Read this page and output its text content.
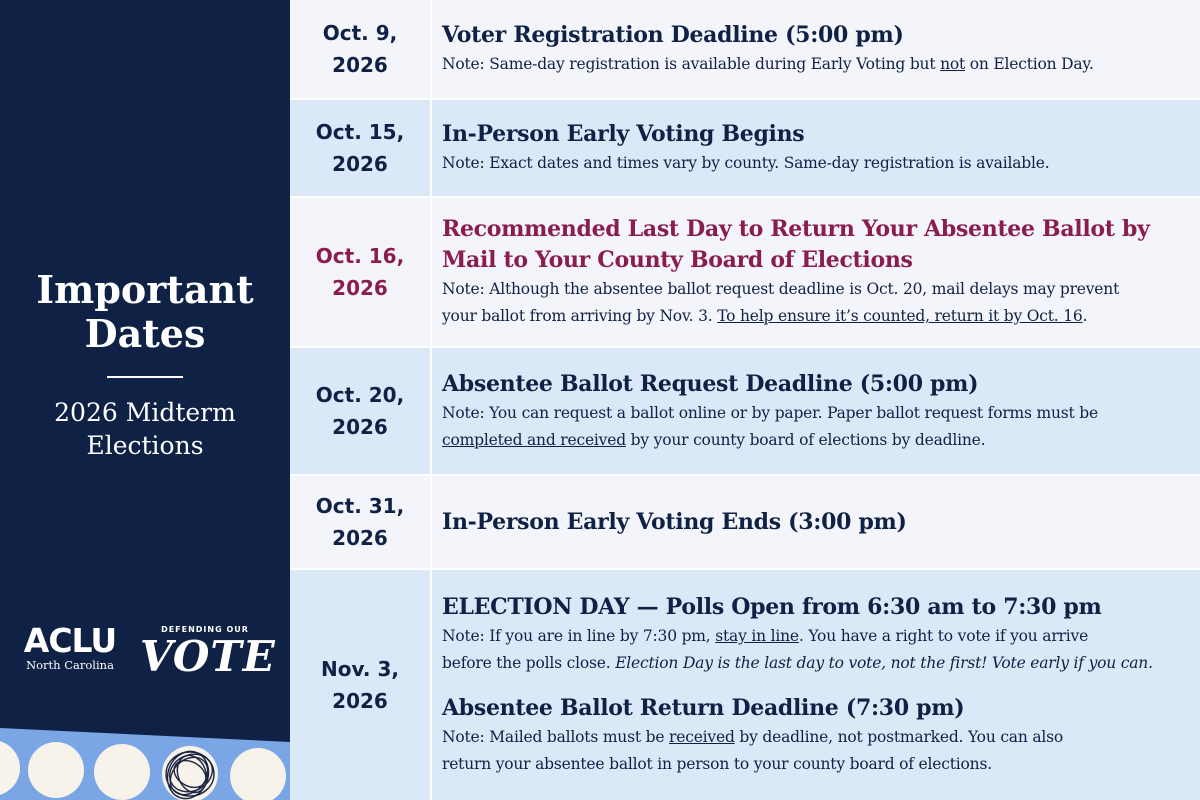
Important
Dates
2026 Midterm
Elections
ACLU
North Carolina
DEFENDING OUR
VOTE
Oct. 9,
2026
Voter Registration Deadline (5:00 pm)
Note: Same-day registration is available during Early Voting but not on Election Day.
Oct. 15,
2026
In-Person Early Voting Begins
Note: Exact dates and times vary by county. Same-day registration is available.
Oct. 16,
2026
Recommended Last Day to Return Your Absentee Ballot by
Mail to Your County Board of Elections
Note: Although the absentee ballot request deadline is Oct. 20, mail delays may prevent
your ballot from arriving by Nov. 3. To help ensure it’s counted, return it by Oct. 16.
Oct. 20,
2026
Absentee Ballot Request Deadline (5:00 pm)
Note: You can request a ballot online or by paper. Paper ballot request forms must be
completed and received by your county board of elections by deadline.
Oct. 31,
2026
In-Person Early Voting Ends (3:00 pm)
Nov. 3,
2026
ELECTION DAY — Polls Open from 6:30 am to 7:30 pm
Note: If you are in line by 7:30 pm, stay in line. You have a right to vote if you arrive
before the polls close. Election Day is the last day to vote, not the first! Vote early if you can.
Absentee Ballot Return Deadline (7:30 pm)
Note: Mailed ballots must be received by deadline, not postmarked. You can also
return your absentee ballot in person to your county board of elections.
